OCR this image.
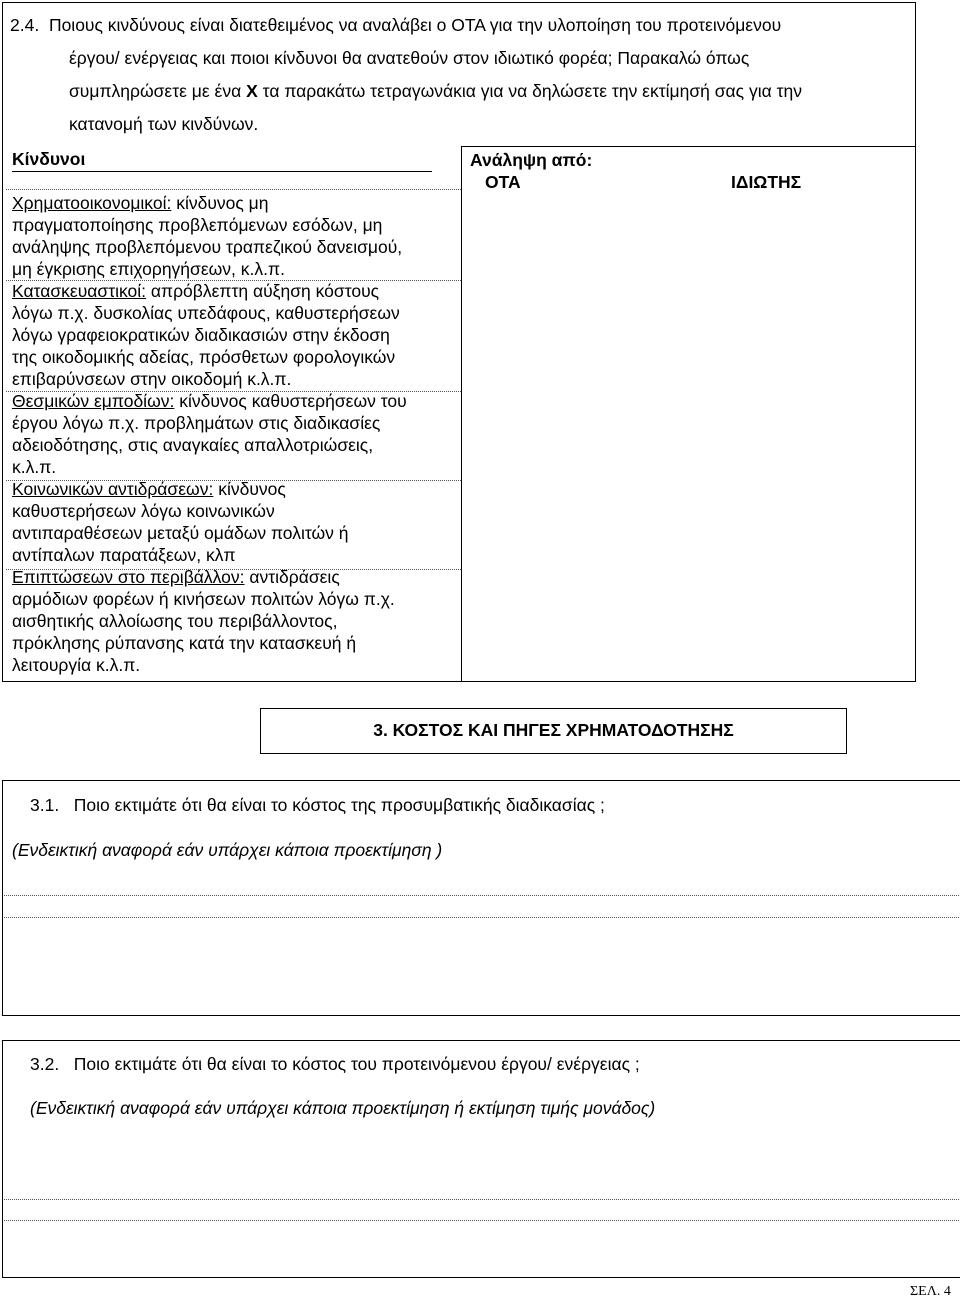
2.4. Ποιους κινδύνους είναι διατεθειμένος να αναλάβει ο ΟΤΑ για την υλοποίηση του προτεινόμενου
έργου/ ενέργειας και ποιοι κίνδυνοι θα ανατεθούν στον ιδιωτικό φορέα; Παρακαλώ όπως
συμπληρώσετε με ένα Χ τα παρακάτω τετραγωνάκια για να δηλώσετε την εκτίμησή σας για την
κατανομή των κινδύνων.
Κίνδυνοι	Ανάληψη από:
ΟΤΑ	ΙΔΙΩΤΗΣ
Χρηματοοικονομικοί: κίνδυνος μη
πραγματοποίησης προβλεπόμενων εσόδων, μη
ανάληψης προβλεπόμενου τραπεζικού δανεισμού,
μη έγκρισης επιχορηγήσεων, κ.λ.π.
Κατασκευαστικοί: απρόβλεπτη αύξηση κόστους
λόγω π.χ. δυσκολίας υπεδάφους, καθυστερήσεων
λόγω γραφειοκρατικών διαδικασιών στην έκδοση
της οικοδομικής αδείας, πρόσθετων φορολογικών
επιβαρύνσεων στην οικοδομή κ.λ.π.
Θεσμικών εμποδίων: κίνδυνος καθυστερήσεων του
έργου λόγω π.χ. προβλημάτων στις διαδικασίες
αδειοδότησης, στις αναγκαίες απαλλοτριώσεις,
κ.λ.π.
Κοινωνικών αντιδράσεων: κίνδυνος
καθυστερήσεων λόγω κοινωνικών
αντιπαραθέσεων μεταξύ ομάδων πολιτών ή
αντίπαλων παρατάξεων, κλπ
Επιπτώσεων στο περιβάλλον: αντιδράσεις
αρμόδιων φορέων ή κινήσεων πολιτών λόγω π.χ.
αισθητικής αλλοίωσης του περιβάλλοντος,
πρόκλησης ρύπανσης κατά την κατασκευή ή
λειτουργία κ.λ.π.
3. ΚΟΣΤΟΣ ΚΑΙ ΠΗΓΕΣ ΧΡΗΜΑΤΟΔΟΤΗΣΗΣ
3.1. Ποιο εκτιμάτε ότι θα είναι το κόστος της προσυμβατικής διαδικασίας ;
(Ενδεικτική αναφορά εάν υπάρχει κάποια προεκτίμηση )
3.2. Ποιο εκτιμάτε ότι θα είναι το κόστος του προτεινόμενου έργου/ ενέργειας ;
(Ενδεικτική αναφορά εάν υπάρχει κάποια προεκτίμηση ή εκτίμηση τιμής μονάδος)
ΣΕΛ. 4
